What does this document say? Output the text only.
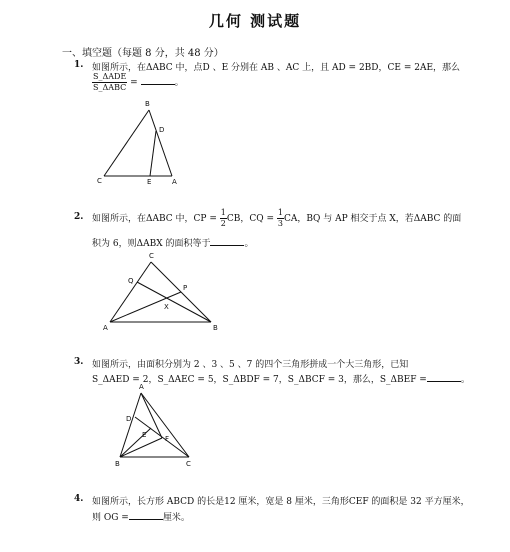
几何 测试题
一、填空题（每题 8 分，共 48 分）
1. 如图所示，在ΔABC 中，点D 、E 分别在 AB 、AC 上，且 AD = 2BD，CE = 2AE，那么
$\frac{\text{S\_ΔADE}}{\text{S\_ΔABC}}$ =	。
B
D
C	E	A
2. 如图所示，在ΔABC 中，CP = $\frac{1}{2}$ CB，CQ = $\frac{1}{3}$ CA，BQ 与 AP 相交于点 X，若ΔABC 的面
积为 6，则ΔABX 的面积等于	。
C
Q
P
X
A	B
3. 如图所示，由面积分别为 2 、3 、5 、7 的四个三角形拼成一个大三角形，已知
S_ΔAED = 2，S_ΔAEC = 5，S_ΔBDF = 7，S_ΔBCF = 3，那么，S_ΔBEF =	。
A
D
E	F
B	C
4. 如图所示，长方形 ABCD 的长是12 厘米，宽是 8 厘米，三角形CEF 的面积是 32 平方厘米，
则 OG =	厘米。
